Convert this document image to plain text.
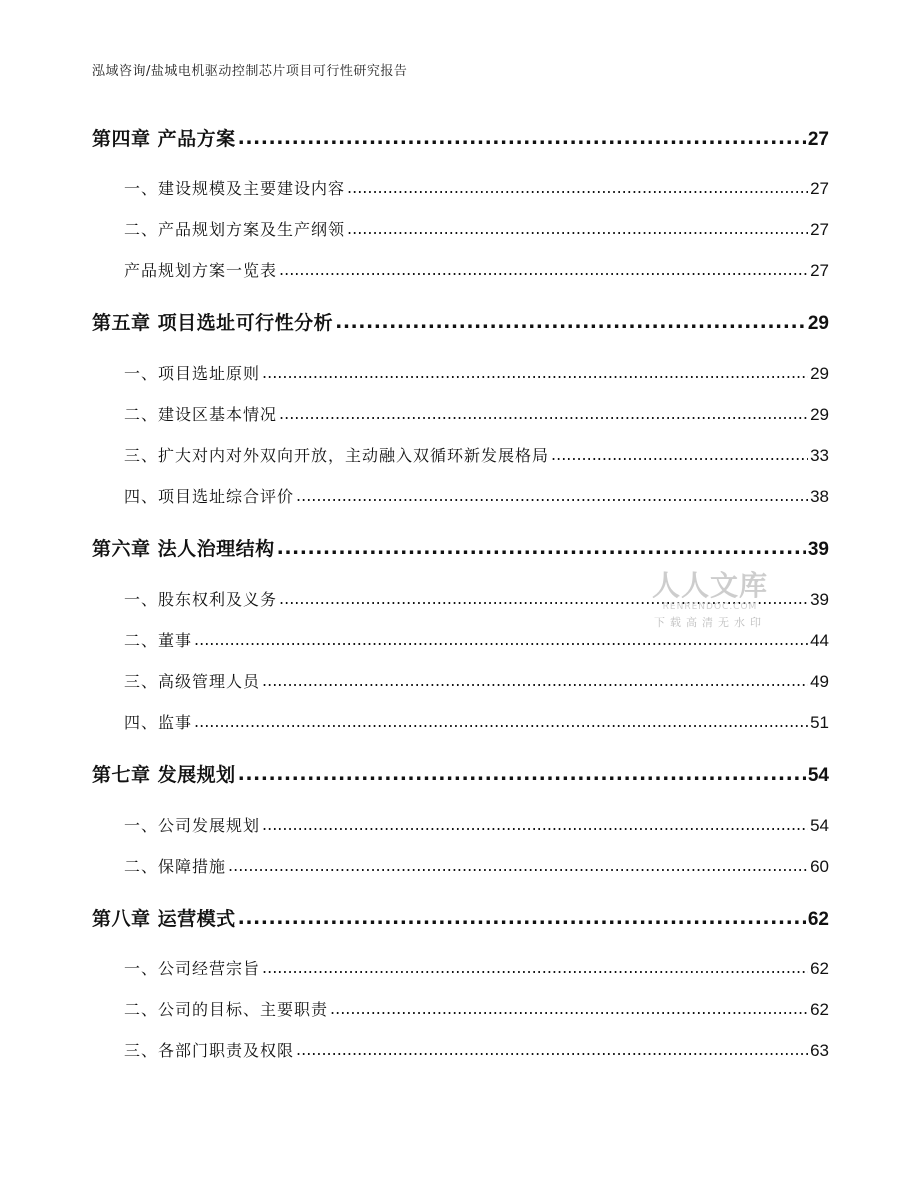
泓域咨询/盐城电机驱动控制芯片项目可行性研究报告
第四章 产品方案 .....	27
一、 建设规模及主要建设内容 .....	27
二、 产品规划方案及生产纲领 .....	27
产品规划方案一览表 .....	27
第五章 项目选址可行性分析 .....	29
一、 项目选址原则 .....	29
二、 建设区基本情况 .....	29
三、 扩大对内对外双向开放，主动融入双循环新发展格局 .....	33
四、 项目选址综合评价 .....	38
第六章 法人治理结构 .....	39
一、 股东权利及义务 .....	39
二、 董事 .....	44
三、 高级管理人员 .....	49
四、 监事 .....	51
第七章 发展规划 .....	54
一、 公司发展规划 .....	54
二、 保障措施 .....	60
第八章 运营模式 .....	62
一、 公司经营宗旨 .....	62
二、 公司的目标、主要职责 .....	62
三、 各部门职责及权限 .....	63
人人文库
RENRENDOC.COM
下载高清无水印
